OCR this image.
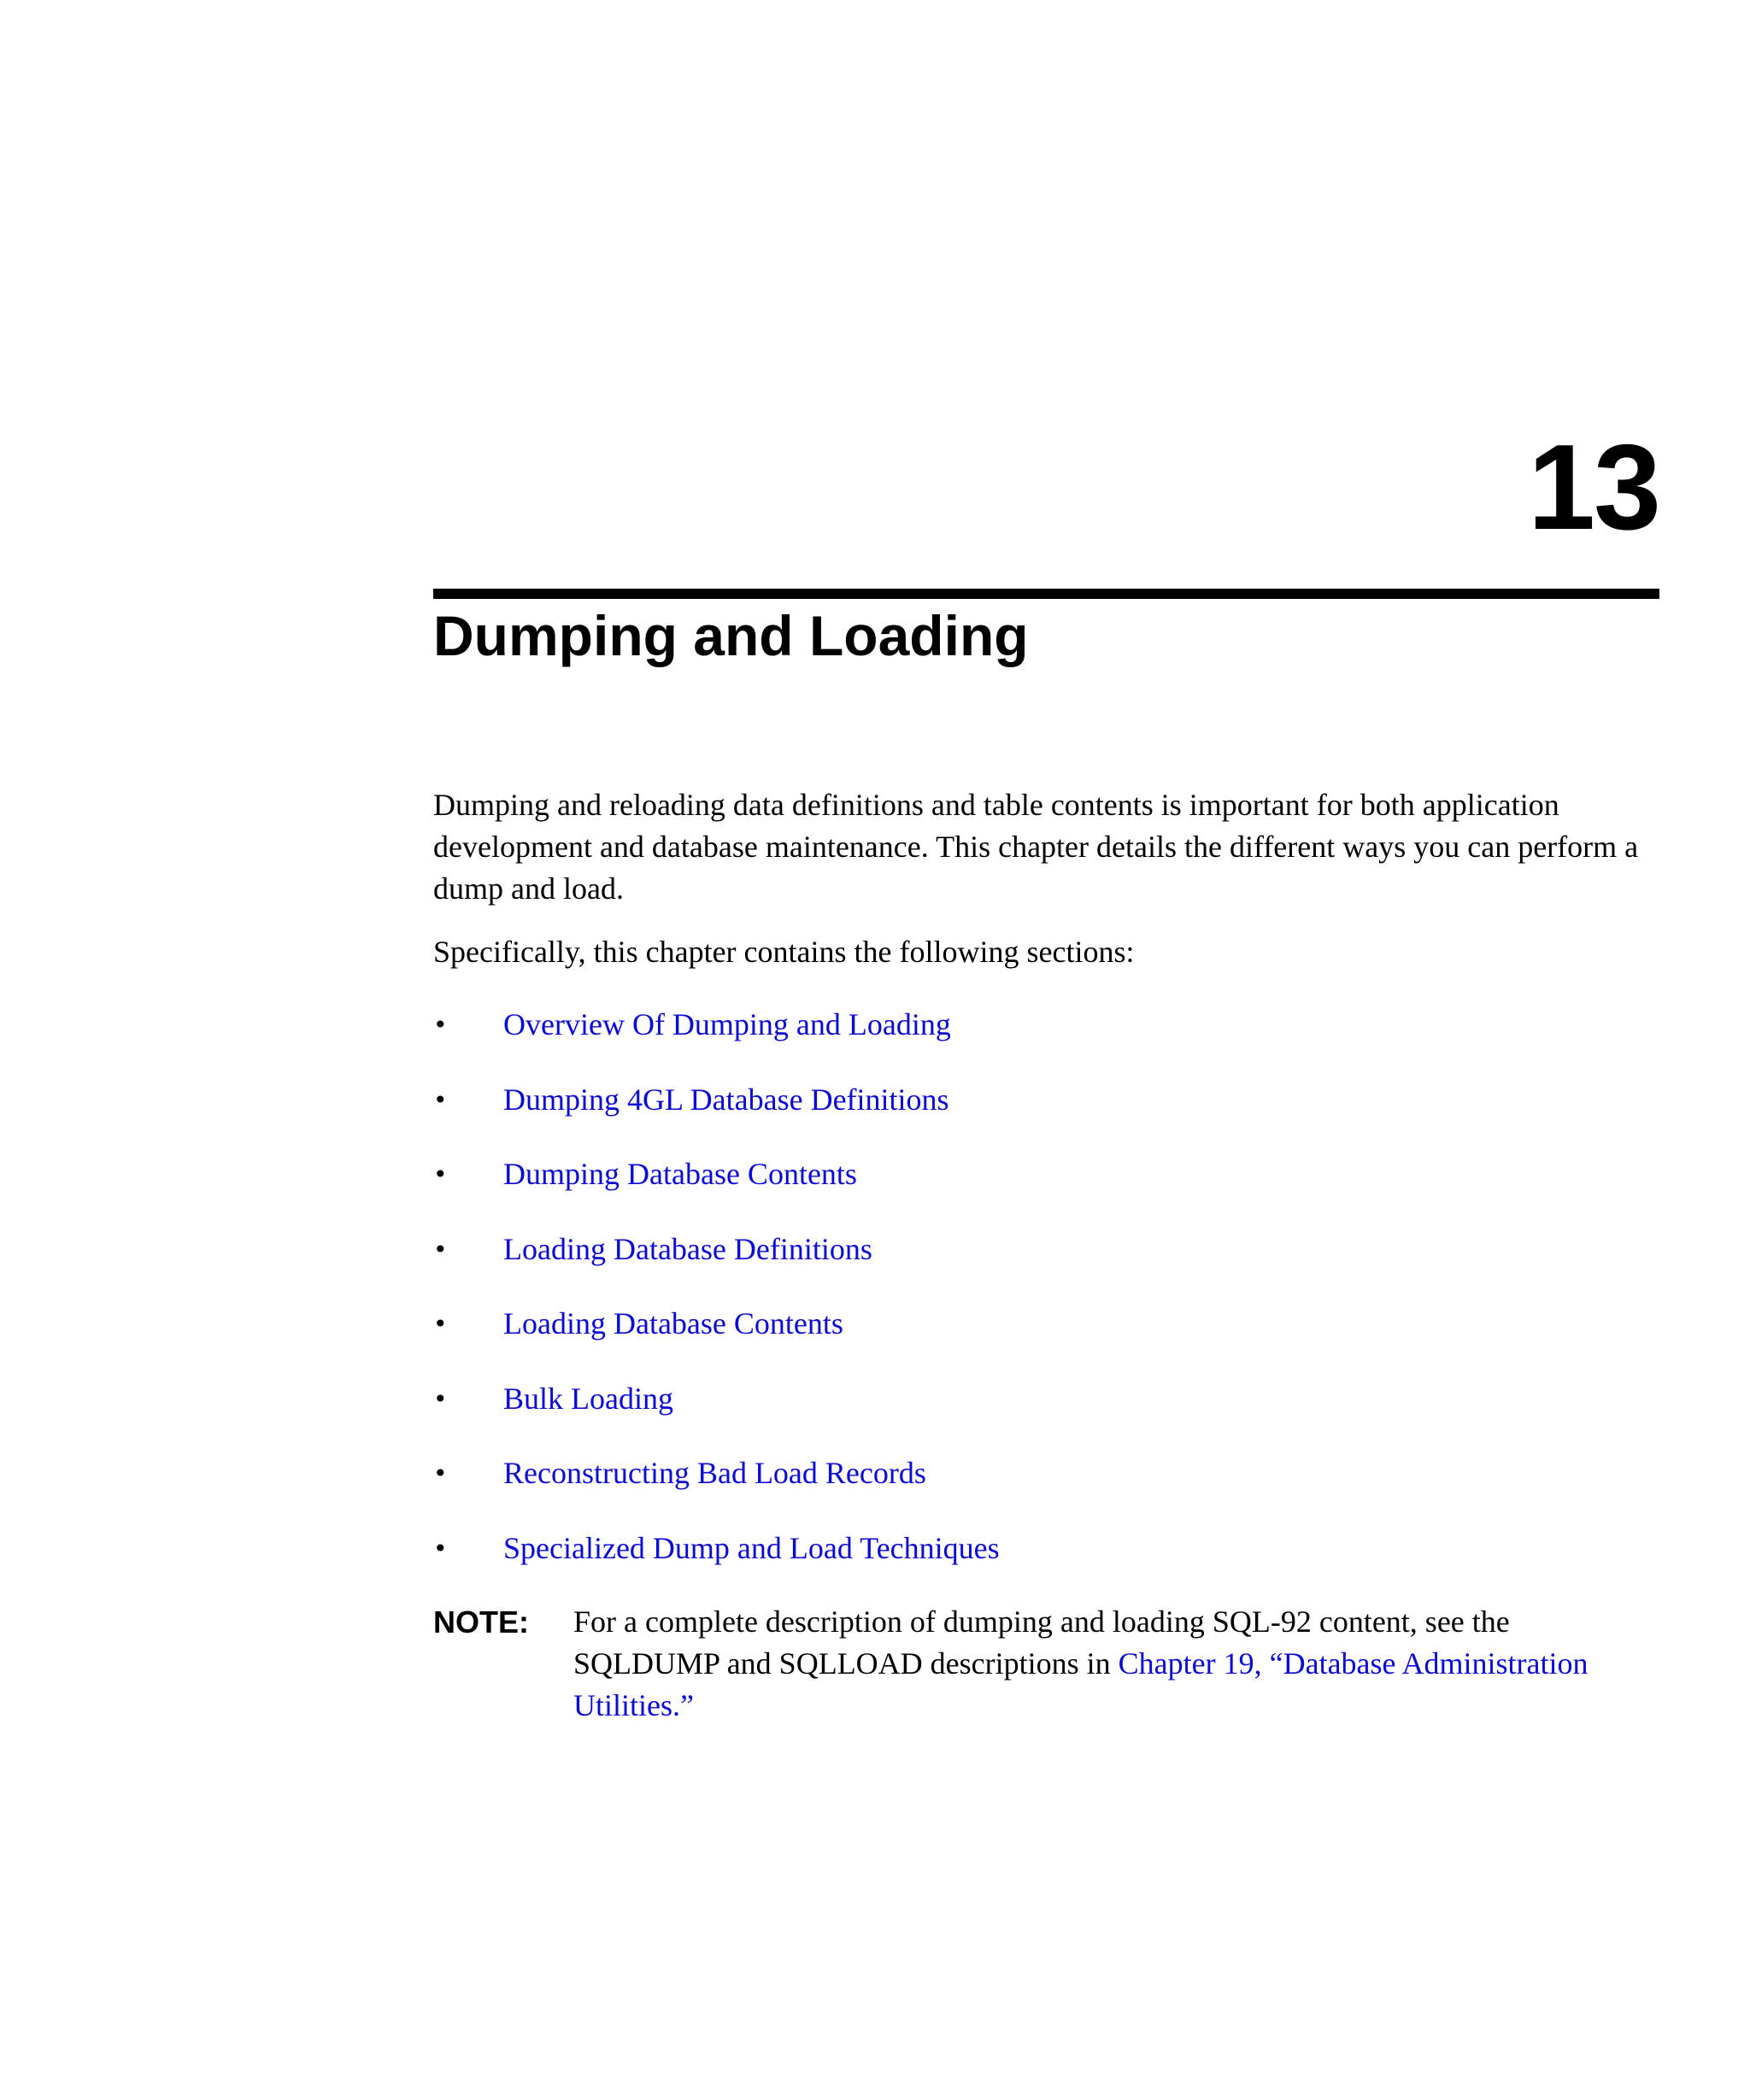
13
Dumping and Loading

Dumping and reloading data definitions and table contents is important for both application development and database maintenance. This chapter details the different ways you can perform a dump and load.

Specifically, this chapter contains the following sections:

•	Overview Of Dumping and Loading
•	Dumping 4GL Database Definitions
•	Dumping Database Contents
•	Loading Database Definitions
•	Loading Database Contents
•	Bulk Loading
•	Reconstructing Bad Load Records
•	Specialized Dump and Load Techniques
NOTE:	For a complete description of dumping and loading SQL-92 content, see the SQLDUMP and SQLLOAD descriptions in Chapter 19, “Database Administration Utilities.”
